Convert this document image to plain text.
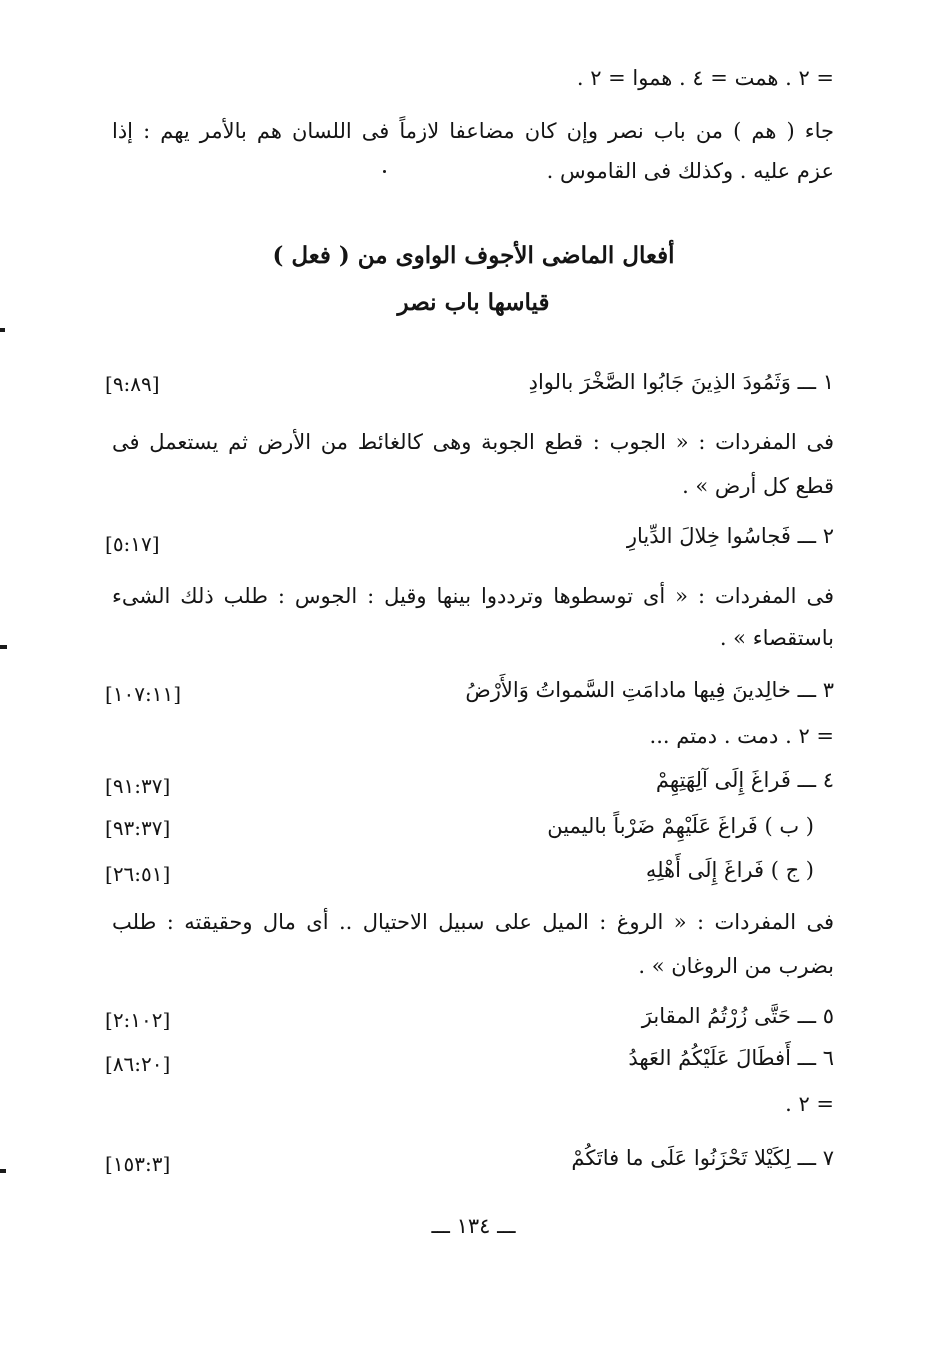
= ٢ . همت = ٤ . هموا = ٢ .
جاء ( هم ) من باب نصر وإن كان مضاعفا لازماً فى اللسان هم بالأمر يهم : إذا
عزم عليه . وكذلك فى القاموس .
أفعال الماضى الأجوف الواوى من ( فعل )
قياسها باب نصر
١ ـــ وَثَمُودَ الذِينَ جَابُوا الصَّخْرَ بالوادِ
[٩:٨٩]
فى المفردات : « الجوب : قطع الجوبة وهى كالغائط من الأرض ثم يستعمل فى
قطع كل أرض » .
٢ ـــ فَجاسُوا خِلالَ الدِّيارِ
[٥:١٧]
فى المفردات : « أى توسطوها وترددوا بينها وقيل : الجوس : طلب ذلك الشىء
باستقصاء » .
٣ ـــ خالِدينَ فِيها مادامَتِ السَّمواتُ وَالأَرْضُ
[١٠٧:١١]
= ٢ . دمت . دمتم ...
٤ ـــ فَراغَ إِلَى آلِهَتِهِمْ
[٩١:٣٧]
( ب ) فَراغَ عَلَيْهِمْ ضَرْباً باليمين
[٩٣:٣٧]
( ج ) فَراغَ إِلَى أَهْلِهِ
[٢٦:٥١]
فى المفردات : « الروغ : الميل على سبيل الاحتيال .. أى مال وحقيقته : طلب
بضرب من الروغان » .
٥ ـــ حَتَّى زُرْتُمُ المقابرَ
[٢:١٠٢]
٦ ـــ أَفطَالَ عَلَيْكُمُ العَهدُ
[٨٦:٢٠]
= ٢ .
٧ ـــ لِكَيْلا تَحْزَنُوا عَلَى ما فاتَكُمْ
[١٥٣:٣]
ـــ ١٣٤ ـــ
